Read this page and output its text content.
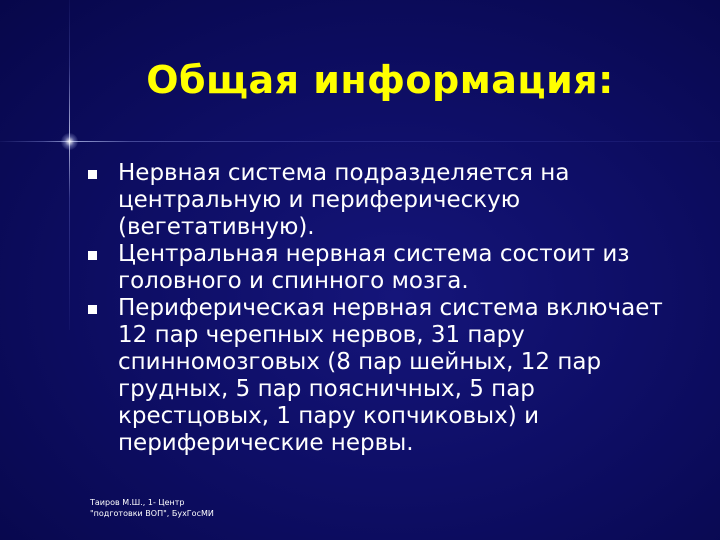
Общая информация:
Нервная система подразделяется на центральную и периферическую (вегетативную).
Центральная нервная система состоит из головного и спинного мозга.
Периферическая нервная система включает 12 пар черепных нервов, 31 пару спинномозговых (8 пар шейных, 12 пар грудных, 5 пар поясничных, 5 пар крестцовых, 1 пару копчиковых) и периферические нервы.
Таиров М.Ш., 1- Центр
"подготовки ВОП", БухГосМИ
